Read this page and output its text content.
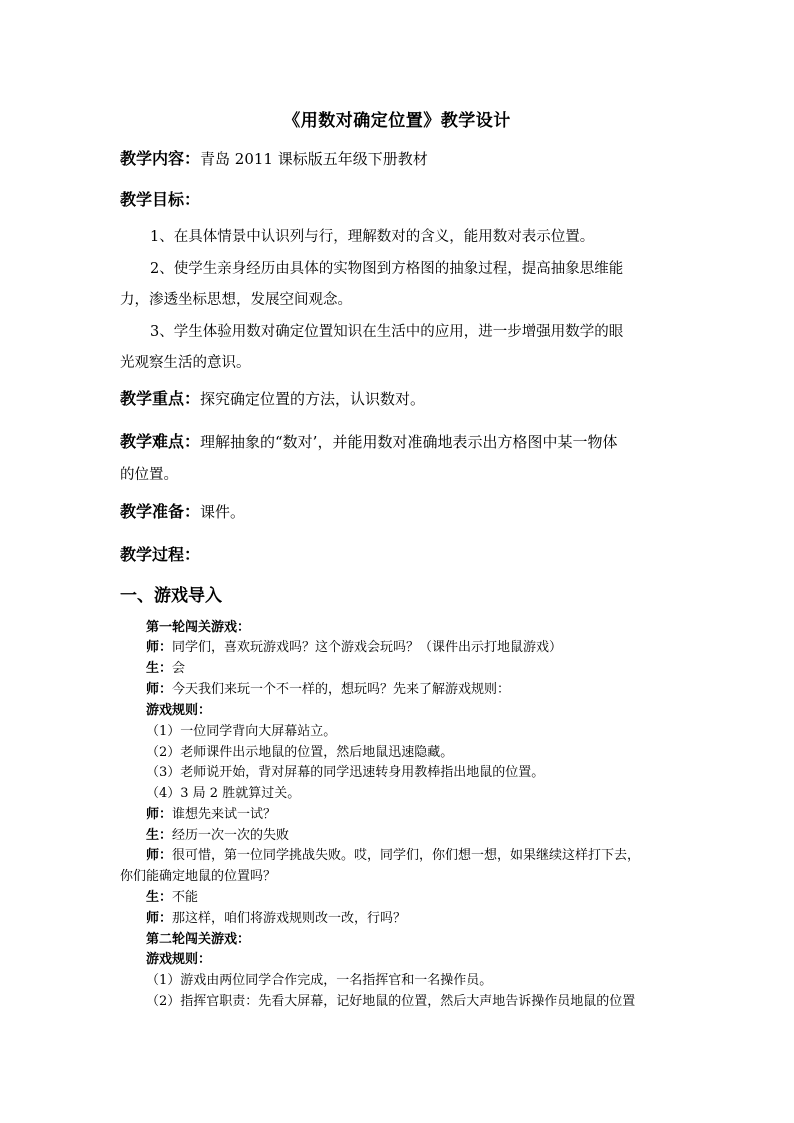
《用数对确定位置》教学设计
教学内容：青岛 2011 课标版五年级下册教材
教学目标：
1、在具体情景中认识列与行，理解数对的含义，能用数对表示位置。
2、使学生亲身经历由具体的实物图到方格图的抽象过程，提高抽象思维能
力，渗透坐标思想，发展空间观念。
3、学生体验用数对确定位置知识在生活中的应用，进一步增强用数学的眼
光观察生活的意识。
教学重点：探究确定位置的方法，认识数对。
教学难点：理解抽象的“数对’，并能用数对准确地表示出方格图中某一物体
的位置。
教学准备：课件。
教学过程：
一、游戏导入
第一轮闯关游戏：
师：同学们，喜欢玩游戏吗？这个游戏会玩吗？（课件出示打地鼠游戏）
生：会
师：今天我们来玩一个不一样的，想玩吗？先来了解游戏规则：
游戏规则：
（1）一位同学背向大屏幕站立。
（2）老师课件出示地鼠的位置，然后地鼠迅速隐藏。
（3）老师说开始，背对屏幕的同学迅速转身用教棒指出地鼠的位置。
（4）3 局 2 胜就算过关。
师：谁想先来试一试？
生：经历一次一次的失败
师：很可惜，第一位同学挑战失败。哎，同学们，你们想一想，如果继续这样打下去，
你们能确定地鼠的位置吗？
生：不能
师：那这样，咱们将游戏规则改一改，行吗？
第二轮闯关游戏：
游戏规则：
（1）游戏由两位同学合作完成，一名指挥官和一名操作员。
（2）指挥官职责：先看大屏幕，记好地鼠的位置，然后大声地告诉操作员地鼠的位置
